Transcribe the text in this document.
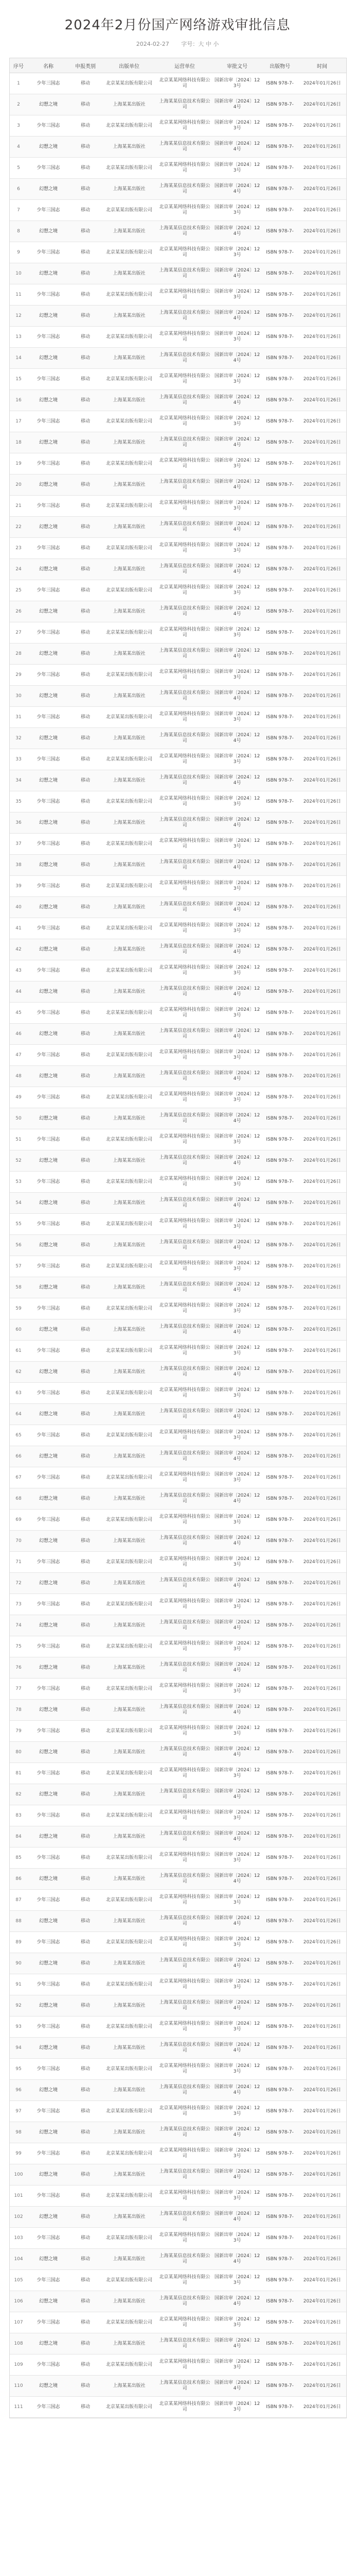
2024年2月份国产网络游戏审批信息
2024-02-27 字号：大 中 小
序号	名称	申报类别	出版单位	运营单位	审批文号	出版物号	时间
1	少年三国志	移动	北京某某出版有限公司	北京某某网络科技有限公司	国新出审〔2024〕123号	ISBN 978-7-	2024年01月26日
2	幻想之境	移动	上海某某出版社	上海某某信息技术有限公司	国新出审〔2024〕124号	ISBN 978-7-	2024年01月26日
3	少年三国志	移动	北京某某出版有限公司	北京某某网络科技有限公司	国新出审〔2024〕123号	ISBN 978-7-	2024年01月26日
4	幻想之境	移动	上海某某出版社	上海某某信息技术有限公司	国新出审〔2024〕124号	ISBN 978-7-	2024年01月26日
5	少年三国志	移动	北京某某出版有限公司	北京某某网络科技有限公司	国新出审〔2024〕123号	ISBN 978-7-	2024年01月26日
6	幻想之境	移动	上海某某出版社	上海某某信息技术有限公司	国新出审〔2024〕124号	ISBN 978-7-	2024年01月26日
7	少年三国志	移动	北京某某出版有限公司	北京某某网络科技有限公司	国新出审〔2024〕123号	ISBN 978-7-	2024年01月26日
8	幻想之境	移动	上海某某出版社	上海某某信息技术有限公司	国新出审〔2024〕124号	ISBN 978-7-	2024年01月26日
9	少年三国志	移动	北京某某出版有限公司	北京某某网络科技有限公司	国新出审〔2024〕123号	ISBN 978-7-	2024年01月26日
10	幻想之境	移动	上海某某出版社	上海某某信息技术有限公司	国新出审〔2024〕124号	ISBN 978-7-	2024年01月26日
11	少年三国志	移动	北京某某出版有限公司	北京某某网络科技有限公司	国新出审〔2024〕123号	ISBN 978-7-	2024年01月26日
12	幻想之境	移动	上海某某出版社	上海某某信息技术有限公司	国新出审〔2024〕124号	ISBN 978-7-	2024年01月26日
13	少年三国志	移动	北京某某出版有限公司	北京某某网络科技有限公司	国新出审〔2024〕123号	ISBN 978-7-	2024年01月26日
14	幻想之境	移动	上海某某出版社	上海某某信息技术有限公司	国新出审〔2024〕124号	ISBN 978-7-	2024年01月26日
15	少年三国志	移动	北京某某出版有限公司	北京某某网络科技有限公司	国新出审〔2024〕123号	ISBN 978-7-	2024年01月26日
16	幻想之境	移动	上海某某出版社	上海某某信息技术有限公司	国新出审〔2024〕124号	ISBN 978-7-	2024年01月26日
17	少年三国志	移动	北京某某出版有限公司	北京某某网络科技有限公司	国新出审〔2024〕123号	ISBN 978-7-	2024年01月26日
18	幻想之境	移动	上海某某出版社	上海某某信息技术有限公司	国新出审〔2024〕124号	ISBN 978-7-	2024年01月26日
19	少年三国志	移动	北京某某出版有限公司	北京某某网络科技有限公司	国新出审〔2024〕123号	ISBN 978-7-	2024年01月26日
20	幻想之境	移动	上海某某出版社	上海某某信息技术有限公司	国新出审〔2024〕124号	ISBN 978-7-	2024年01月26日
21	少年三国志	移动	北京某某出版有限公司	北京某某网络科技有限公司	国新出审〔2024〕123号	ISBN 978-7-	2024年01月26日
22	幻想之境	移动	上海某某出版社	上海某某信息技术有限公司	国新出审〔2024〕124号	ISBN 978-7-	2024年01月26日
23	少年三国志	移动	北京某某出版有限公司	北京某某网络科技有限公司	国新出审〔2024〕123号	ISBN 978-7-	2024年01月26日
24	幻想之境	移动	上海某某出版社	上海某某信息技术有限公司	国新出审〔2024〕124号	ISBN 978-7-	2024年01月26日
25	少年三国志	移动	北京某某出版有限公司	北京某某网络科技有限公司	国新出审〔2024〕123号	ISBN 978-7-	2024年01月26日
26	幻想之境	移动	上海某某出版社	上海某某信息技术有限公司	国新出审〔2024〕124号	ISBN 978-7-	2024年01月26日
27	少年三国志	移动	北京某某出版有限公司	北京某某网络科技有限公司	国新出审〔2024〕123号	ISBN 978-7-	2024年01月26日
28	幻想之境	移动	上海某某出版社	上海某某信息技术有限公司	国新出审〔2024〕124号	ISBN 978-7-	2024年01月26日
29	少年三国志	移动	北京某某出版有限公司	北京某某网络科技有限公司	国新出审〔2024〕123号	ISBN 978-7-	2024年01月26日
30	幻想之境	移动	上海某某出版社	上海某某信息技术有限公司	国新出审〔2024〕124号	ISBN 978-7-	2024年01月26日
31	少年三国志	移动	北京某某出版有限公司	北京某某网络科技有限公司	国新出审〔2024〕123号	ISBN 978-7-	2024年01月26日
32	幻想之境	移动	上海某某出版社	上海某某信息技术有限公司	国新出审〔2024〕124号	ISBN 978-7-	2024年01月26日
33	少年三国志	移动	北京某某出版有限公司	北京某某网络科技有限公司	国新出审〔2024〕123号	ISBN 978-7-	2024年01月26日
34	幻想之境	移动	上海某某出版社	上海某某信息技术有限公司	国新出审〔2024〕124号	ISBN 978-7-	2024年01月26日
35	少年三国志	移动	北京某某出版有限公司	北京某某网络科技有限公司	国新出审〔2024〕123号	ISBN 978-7-	2024年01月26日
36	幻想之境	移动	上海某某出版社	上海某某信息技术有限公司	国新出审〔2024〕124号	ISBN 978-7-	2024年01月26日
37	少年三国志	移动	北京某某出版有限公司	北京某某网络科技有限公司	国新出审〔2024〕123号	ISBN 978-7-	2024年01月26日
38	幻想之境	移动	上海某某出版社	上海某某信息技术有限公司	国新出审〔2024〕124号	ISBN 978-7-	2024年01月26日
39	少年三国志	移动	北京某某出版有限公司	北京某某网络科技有限公司	国新出审〔2024〕123号	ISBN 978-7-	2024年01月26日
40	幻想之境	移动	上海某某出版社	上海某某信息技术有限公司	国新出审〔2024〕124号	ISBN 978-7-	2024年01月26日
41	少年三国志	移动	北京某某出版有限公司	北京某某网络科技有限公司	国新出审〔2024〕123号	ISBN 978-7-	2024年01月26日
42	幻想之境	移动	上海某某出版社	上海某某信息技术有限公司	国新出审〔2024〕124号	ISBN 978-7-	2024年01月26日
43	少年三国志	移动	北京某某出版有限公司	北京某某网络科技有限公司	国新出审〔2024〕123号	ISBN 978-7-	2024年01月26日
44	幻想之境	移动	上海某某出版社	上海某某信息技术有限公司	国新出审〔2024〕124号	ISBN 978-7-	2024年01月26日
45	少年三国志	移动	北京某某出版有限公司	北京某某网络科技有限公司	国新出审〔2024〕123号	ISBN 978-7-	2024年01月26日
46	幻想之境	移动	上海某某出版社	上海某某信息技术有限公司	国新出审〔2024〕124号	ISBN 978-7-	2024年01月26日
47	少年三国志	移动	北京某某出版有限公司	北京某某网络科技有限公司	国新出审〔2024〕123号	ISBN 978-7-	2024年01月26日
48	幻想之境	移动	上海某某出版社	上海某某信息技术有限公司	国新出审〔2024〕124号	ISBN 978-7-	2024年01月26日
49	少年三国志	移动	北京某某出版有限公司	北京某某网络科技有限公司	国新出审〔2024〕123号	ISBN 978-7-	2024年01月26日
50	幻想之境	移动	上海某某出版社	上海某某信息技术有限公司	国新出审〔2024〕124号	ISBN 978-7-	2024年01月26日
51	少年三国志	移动	北京某某出版有限公司	北京某某网络科技有限公司	国新出审〔2024〕123号	ISBN 978-7-	2024年01月26日
52	幻想之境	移动	上海某某出版社	上海某某信息技术有限公司	国新出审〔2024〕124号	ISBN 978-7-	2024年01月26日
53	少年三国志	移动	北京某某出版有限公司	北京某某网络科技有限公司	国新出审〔2024〕123号	ISBN 978-7-	2024年01月26日
54	幻想之境	移动	上海某某出版社	上海某某信息技术有限公司	国新出审〔2024〕124号	ISBN 978-7-	2024年01月26日
55	少年三国志	移动	北京某某出版有限公司	北京某某网络科技有限公司	国新出审〔2024〕123号	ISBN 978-7-	2024年01月26日
56	幻想之境	移动	上海某某出版社	上海某某信息技术有限公司	国新出审〔2024〕124号	ISBN 978-7-	2024年01月26日
57	少年三国志	移动	北京某某出版有限公司	北京某某网络科技有限公司	国新出审〔2024〕123号	ISBN 978-7-	2024年01月26日
58	幻想之境	移动	上海某某出版社	上海某某信息技术有限公司	国新出审〔2024〕124号	ISBN 978-7-	2024年01月26日
59	少年三国志	移动	北京某某出版有限公司	北京某某网络科技有限公司	国新出审〔2024〕123号	ISBN 978-7-	2024年01月26日
60	幻想之境	移动	上海某某出版社	上海某某信息技术有限公司	国新出审〔2024〕124号	ISBN 978-7-	2024年01月26日
61	少年三国志	移动	北京某某出版有限公司	北京某某网络科技有限公司	国新出审〔2024〕123号	ISBN 978-7-	2024年01月26日
62	幻想之境	移动	上海某某出版社	上海某某信息技术有限公司	国新出审〔2024〕124号	ISBN 978-7-	2024年01月26日
63	少年三国志	移动	北京某某出版有限公司	北京某某网络科技有限公司	国新出审〔2024〕123号	ISBN 978-7-	2024年01月26日
64	幻想之境	移动	上海某某出版社	上海某某信息技术有限公司	国新出审〔2024〕124号	ISBN 978-7-	2024年01月26日
65	少年三国志	移动	北京某某出版有限公司	北京某某网络科技有限公司	国新出审〔2024〕123号	ISBN 978-7-	2024年01月26日
66	幻想之境	移动	上海某某出版社	上海某某信息技术有限公司	国新出审〔2024〕124号	ISBN 978-7-	2024年01月26日
67	少年三国志	移动	北京某某出版有限公司	北京某某网络科技有限公司	国新出审〔2024〕123号	ISBN 978-7-	2024年01月26日
68	幻想之境	移动	上海某某出版社	上海某某信息技术有限公司	国新出审〔2024〕124号	ISBN 978-7-	2024年01月26日
69	少年三国志	移动	北京某某出版有限公司	北京某某网络科技有限公司	国新出审〔2024〕123号	ISBN 978-7-	2024年01月26日
70	幻想之境	移动	上海某某出版社	上海某某信息技术有限公司	国新出审〔2024〕124号	ISBN 978-7-	2024年01月26日
71	少年三国志	移动	北京某某出版有限公司	北京某某网络科技有限公司	国新出审〔2024〕123号	ISBN 978-7-	2024年01月26日
72	幻想之境	移动	上海某某出版社	上海某某信息技术有限公司	国新出审〔2024〕124号	ISBN 978-7-	2024年01月26日
73	少年三国志	移动	北京某某出版有限公司	北京某某网络科技有限公司	国新出审〔2024〕123号	ISBN 978-7-	2024年01月26日
74	幻想之境	移动	上海某某出版社	上海某某信息技术有限公司	国新出审〔2024〕124号	ISBN 978-7-	2024年01月26日
75	少年三国志	移动	北京某某出版有限公司	北京某某网络科技有限公司	国新出审〔2024〕123号	ISBN 978-7-	2024年01月26日
76	幻想之境	移动	上海某某出版社	上海某某信息技术有限公司	国新出审〔2024〕124号	ISBN 978-7-	2024年01月26日
77	少年三国志	移动	北京某某出版有限公司	北京某某网络科技有限公司	国新出审〔2024〕123号	ISBN 978-7-	2024年01月26日
78	幻想之境	移动	上海某某出版社	上海某某信息技术有限公司	国新出审〔2024〕124号	ISBN 978-7-	2024年01月26日
79	少年三国志	移动	北京某某出版有限公司	北京某某网络科技有限公司	国新出审〔2024〕123号	ISBN 978-7-	2024年01月26日
80	幻想之境	移动	上海某某出版社	上海某某信息技术有限公司	国新出审〔2024〕124号	ISBN 978-7-	2024年01月26日
81	少年三国志	移动	北京某某出版有限公司	北京某某网络科技有限公司	国新出审〔2024〕123号	ISBN 978-7-	2024年01月26日
82	幻想之境	移动	上海某某出版社	上海某某信息技术有限公司	国新出审〔2024〕124号	ISBN 978-7-	2024年01月26日
83	少年三国志	移动	北京某某出版有限公司	北京某某网络科技有限公司	国新出审〔2024〕123号	ISBN 978-7-	2024年01月26日
84	幻想之境	移动	上海某某出版社	上海某某信息技术有限公司	国新出审〔2024〕124号	ISBN 978-7-	2024年01月26日
85	少年三国志	移动	北京某某出版有限公司	北京某某网络科技有限公司	国新出审〔2024〕123号	ISBN 978-7-	2024年01月26日
86	幻想之境	移动	上海某某出版社	上海某某信息技术有限公司	国新出审〔2024〕124号	ISBN 978-7-	2024年01月26日
87	少年三国志	移动	北京某某出版有限公司	北京某某网络科技有限公司	国新出审〔2024〕123号	ISBN 978-7-	2024年01月26日
88	幻想之境	移动	上海某某出版社	上海某某信息技术有限公司	国新出审〔2024〕124号	ISBN 978-7-	2024年01月26日
89	少年三国志	移动	北京某某出版有限公司	北京某某网络科技有限公司	国新出审〔2024〕123号	ISBN 978-7-	2024年01月26日
90	幻想之境	移动	上海某某出版社	上海某某信息技术有限公司	国新出审〔2024〕124号	ISBN 978-7-	2024年01月26日
91	少年三国志	移动	北京某某出版有限公司	北京某某网络科技有限公司	国新出审〔2024〕123号	ISBN 978-7-	2024年01月26日
92	幻想之境	移动	上海某某出版社	上海某某信息技术有限公司	国新出审〔2024〕124号	ISBN 978-7-	2024年01月26日
93	少年三国志	移动	北京某某出版有限公司	北京某某网络科技有限公司	国新出审〔2024〕123号	ISBN 978-7-	2024年01月26日
94	幻想之境	移动	上海某某出版社	上海某某信息技术有限公司	国新出审〔2024〕124号	ISBN 978-7-	2024年01月26日
95	少年三国志	移动	北京某某出版有限公司	北京某某网络科技有限公司	国新出审〔2024〕123号	ISBN 978-7-	2024年01月26日
96	幻想之境	移动	上海某某出版社	上海某某信息技术有限公司	国新出审〔2024〕124号	ISBN 978-7-	2024年01月26日
97	少年三国志	移动	北京某某出版有限公司	北京某某网络科技有限公司	国新出审〔2024〕123号	ISBN 978-7-	2024年01月26日
98	幻想之境	移动	上海某某出版社	上海某某信息技术有限公司	国新出审〔2024〕124号	ISBN 978-7-	2024年01月26日
99	少年三国志	移动	北京某某出版有限公司	北京某某网络科技有限公司	国新出审〔2024〕123号	ISBN 978-7-	2024年01月26日
100	幻想之境	移动	上海某某出版社	上海某某信息技术有限公司	国新出审〔2024〕124号	ISBN 978-7-	2024年01月26日
101	少年三国志	移动	北京某某出版有限公司	北京某某网络科技有限公司	国新出审〔2024〕123号	ISBN 978-7-	2024年01月26日
102	幻想之境	移动	上海某某出版社	上海某某信息技术有限公司	国新出审〔2024〕124号	ISBN 978-7-	2024年01月26日
103	少年三国志	移动	北京某某出版有限公司	北京某某网络科技有限公司	国新出审〔2024〕123号	ISBN 978-7-	2024年01月26日
104	幻想之境	移动	上海某某出版社	上海某某信息技术有限公司	国新出审〔2024〕124号	ISBN 978-7-	2024年01月26日
105	少年三国志	移动	北京某某出版有限公司	北京某某网络科技有限公司	国新出审〔2024〕123号	ISBN 978-7-	2024年01月26日
106	幻想之境	移动	上海某某出版社	上海某某信息技术有限公司	国新出审〔2024〕124号	ISBN 978-7-	2024年01月26日
107	少年三国志	移动	北京某某出版有限公司	北京某某网络科技有限公司	国新出审〔2024〕123号	ISBN 978-7-	2024年01月26日
108	幻想之境	移动	上海某某出版社	上海某某信息技术有限公司	国新出审〔2024〕124号	ISBN 978-7-	2024年01月26日
109	少年三国志	移动	北京某某出版有限公司	北京某某网络科技有限公司	国新出审〔2024〕123号	ISBN 978-7-	2024年01月26日
110	幻想之境	移动	上海某某出版社	上海某某信息技术有限公司	国新出审〔2024〕124号	ISBN 978-7-	2024年01月26日
111	少年三国志	移动	北京某某出版有限公司	北京某某网络科技有限公司	国新出审〔2024〕123号	ISBN 978-7-	2024年01月26日
